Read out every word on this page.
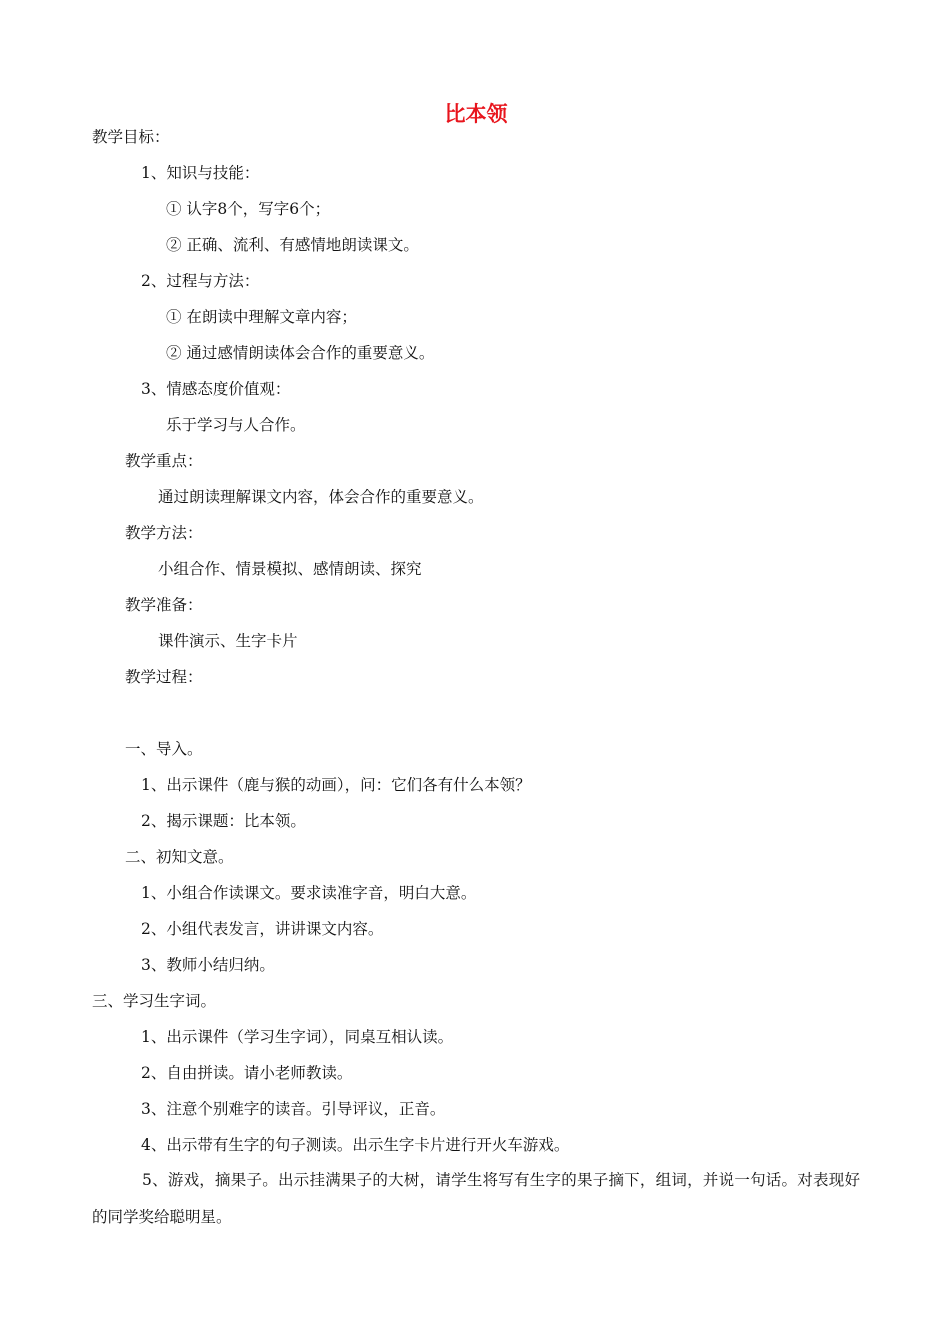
比本领
教学目标：
1、知识与技能：
① 认字8个，写字6个；
② 正确、流利、有感情地朗读课文。
2、过程与方法：
① 在朗读中理解文章内容；
② 通过感情朗读体会合作的重要意义。
3、情感态度价值观：
乐于学习与人合作。
教学重点：
通过朗读理解课文内容，体会合作的重要意义。
教学方法：
小组合作、情景模拟、感情朗读、探究
教学准备：
课件演示、生字卡片
教学过程：
一、导入。
1、出示课件（鹿与猴的动画），问：它们各有什么本领？
2、揭示课题：比本领。
二、初知文意。
1、小组合作读课文。要求读准字音，明白大意。
2、小组代表发言，讲讲课文内容。
3、教师小结归纳。
三、学习生字词。
1、出示课件（学习生字词），同桌互相认读。
2、自由拼读。请小老师教读。
3、注意个别难字的读音。引导评议，正音。
4、出示带有生字的句子测读。出示生字卡片进行开火车游戏。
5、游戏，摘果子。出示挂满果子的大树，请学生将写有生字的果子摘下，组词，并说一句话。对表现好的同学奖给聪明星。
